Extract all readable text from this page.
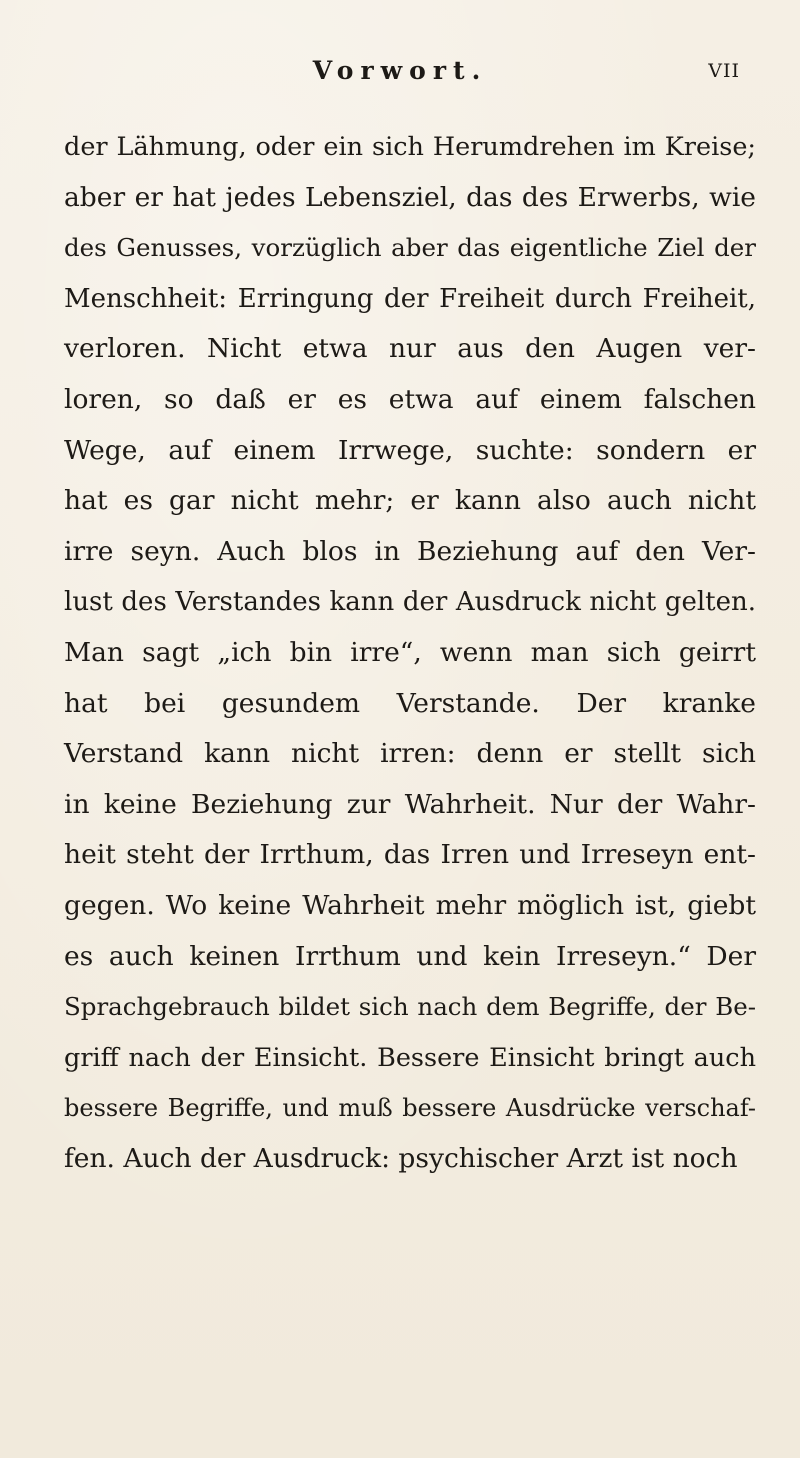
Vorwort.	VII
der Lähmung, oder ein sich Herumdrehen im Kreise;
aber er hat jedes Lebensziel, das des Erwerbs, wie
des Genusses, vorzüglich aber das eigentliche Ziel der
Menschheit: Erringung der Freiheit durch Freiheit,
verloren. Nicht etwa nur aus den Augen ver-
loren, so daß er es etwa auf einem falschen
Wege, auf einem Irrwege, suchte: sondern er
hat es gar nicht mehr; er kann also auch nicht
irre seyn. Auch blos in Beziehung auf den Ver-
lust des Verstandes kann der Ausdruck nicht gelten.
Man sagt „ich bin irre“, wenn man sich geirrt
hat bei gesundem Verstande. Der kranke
Verstand kann nicht irren: denn er stellt sich
in keine Beziehung zur Wahrheit. Nur der Wahr-
heit steht der Irrthum, das Irren und Irreseyn ent-
gegen. Wo keine Wahrheit mehr möglich ist, giebt
es auch keinen Irrthum und kein Irreseyn.“ Der
Sprachgebrauch bildet sich nach dem Begriffe, der Be-
griff nach der Einsicht. Bessere Einsicht bringt auch
bessere Begriffe, und muß bessere Ausdrücke verschaf-
fen. Auch der Ausdruck: psychischer Arzt ist noch
